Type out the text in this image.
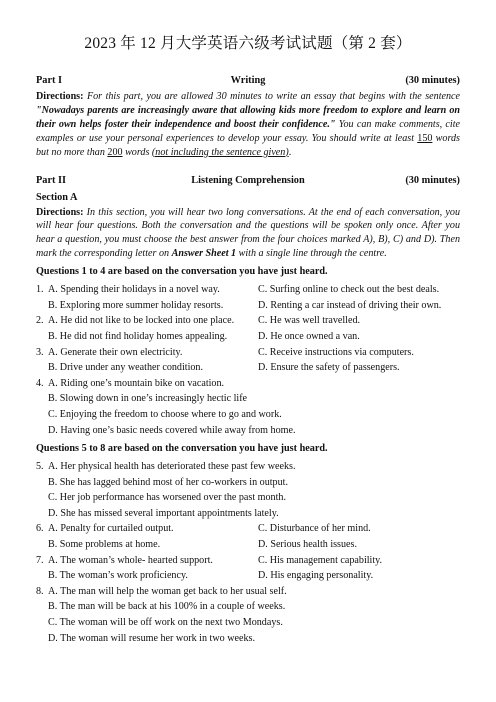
2023 年 12 月大学英语六级考试试题（第 2 套）
Part I	(30 minutes)
Writing

Directions: For this part, you are allowed 30 minutes to write an essay that begins with the sentence "Nowadays parents are increasingly aware that allowing kids more freedom to explore and learn on their own helps foster their independence and boost their confidence." You can make comments, cite examples or use your personal experiences to develop your essay. You should write at least 150 words but no more than 200 words (not including the sentence given).

Part II	(30 minutes)
Listening Comprehension
Section A

Directions: In this section, you will hear two long conversations. At the end of each conversation, you will hear four questions. Both the conversation and the questions will be spoken only once. After you hear a question, you must choose the best answer from the four choices marked A), B), C) and D). Then mark the corresponding letter on Answer Sheet 1 with a single line through the centre.

Questions 1 to 4 are based on the conversation you have just heard.
1. A. Spending their holidays in a novel way.	C. Surfing online to check out the best deals.
B. Exploring more summer holiday resorts.	D. Renting a car instead of driving their own.
2. A. He did not like to be locked into one place.	C. He was well travelled.
B. He did not find holiday homes appealing.	D. He once owned a van.
3. A. Generate their own electricity.	C. Receive instructions via computers.
B. Drive under any weather condition.	D. Ensure the safety of passengers.
4. A. Riding one’s mountain bike on vacation.
B. Slowing down in one’s increasingly hectic life
C. Enjoying the freedom to choose where to go and work.
D. Having one’s basic needs covered while away from home.
Questions 5 to 8 are based on the conversation you have just heard.
5. A. Her physical health has deteriorated these past few weeks.
B. She has lagged behind most of her co-workers in output.
C. Her job performance has worsened over the past month.
D. She has missed several important appointments lately.
6. A. Penalty for curtailed output.	C. Disturbance of her mind.
B. Some problems at home.	D. Serious health issues.
7. A. The woman’s whole- hearted support.	C. His management capability.
B. The woman’s work proficiency.	D. His engaging personality.
8. A. The man will help the woman get back to her usual self.
B. The man will be back at his 100% in a couple of weeks.
C. The woman will be off work on the next two Mondays.
D. The woman will resume her work in two weeks.
